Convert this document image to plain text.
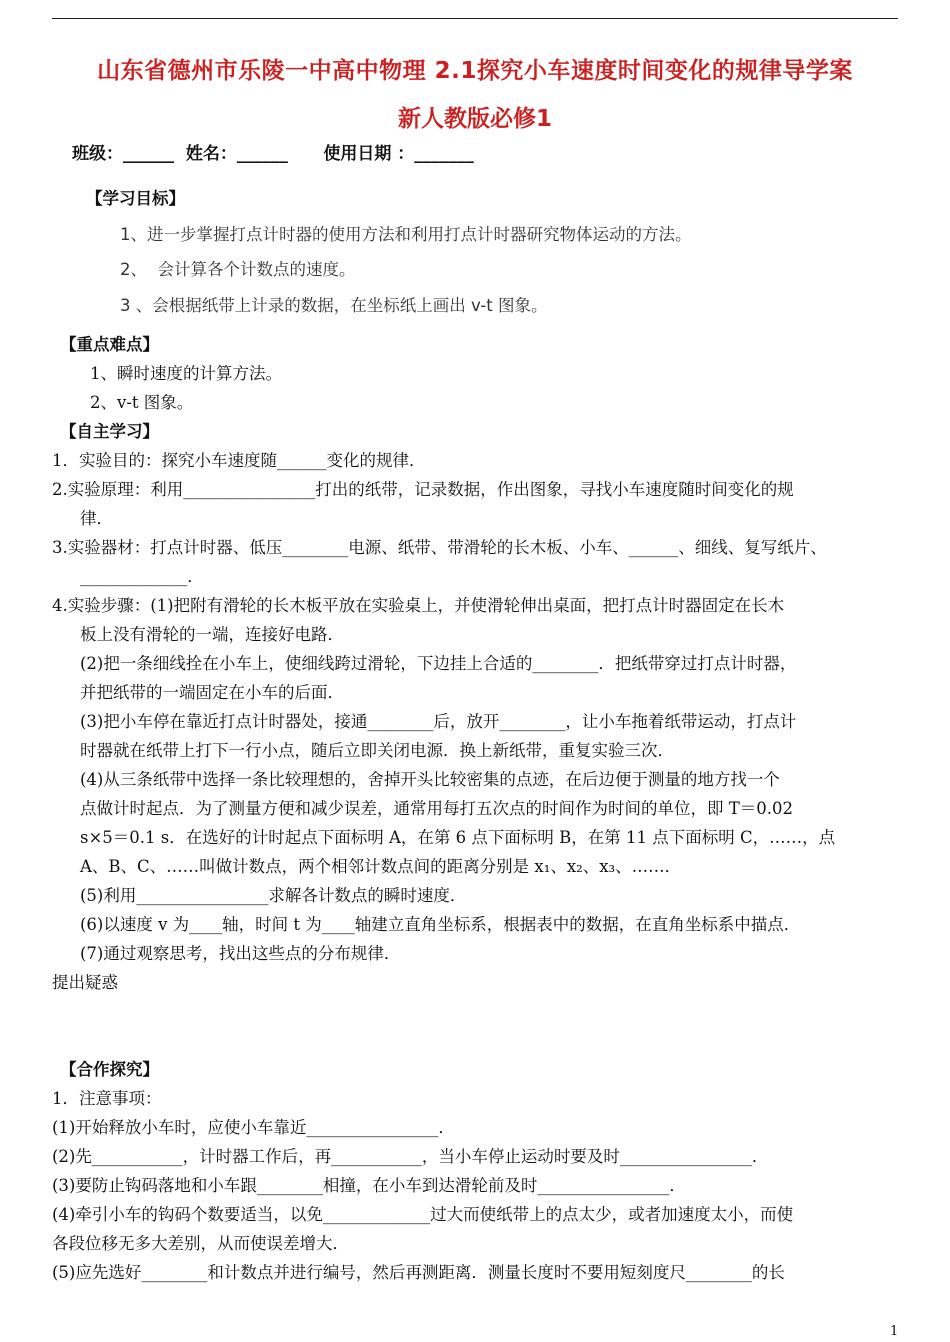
山东省德州市乐陵一中高中物理 2.1探究小车速度时间变化的规律导学案
新人教版必修1
班级：______  姓名：______      使用日期 ：_______
【学习目标】
1、进一步掌握打点计时器的使用方法和利用打点计时器研究物体运动的方法。
2、  会计算各个计数点的速度。
3 、会根据纸带上计录的数据，在坐标纸上画出 v-t 图象。
【重点难点】
1、瞬时速度的计算方法。
2、v-t 图象。
【自主学习】
1．实验目的：探究小车速度随______变化的规律．
2.实验原理：利用________________打出的纸带，记录数据，作出图象，寻找小车速度随时间变化的规
律．
3.实验器材：打点计时器、低压________电源、纸带、带滑轮的长木板、小车、______、细线、复写纸片、
_____________．
4.实验步骤：(1)把附有滑轮的长木板平放在实验桌上，并使滑轮伸出桌面，把打点计时器固定在长木
板上没有滑轮的一端，连接好电路．
(2)把一条细线拴在小车上，使细线跨过滑轮，下边挂上合适的________．把纸带穿过打点计时器，
并把纸带的一端固定在小车的后面．
(3)把小车停在靠近打点计时器处，接通________后，放开________，让小车拖着纸带运动，打点计
时器就在纸带上打下一行小点，随后立即关闭电源．换上新纸带，重复实验三次．
(4)从三条纸带中选择一条比较理想的，舍掉开头比较密集的点迹，在后边便于测量的地方找一个
点做计时起点．为了测量方便和减少误差，通常用每打五次点的时间作为时间的单位，即 T＝0.02
s×5＝0.1 s．在选好的计时起点下面标明 A，在第 6 点下面标明 B，在第 11 点下面标明 C，……，点
A、B、C、……叫做计数点，两个相邻计数点间的距离分别是 x₁、x₂、x₃、……．
(5)利用________________求解各计数点的瞬时速度．
(6)以速度 v 为____轴，时间 t 为____轴建立直角坐标系，根据表中的数据，在直角坐标系中描点．
(7)通过观察思考，找出这些点的分布规律．
提出疑惑
【合作探究】
1．注意事项：
(1)开始释放小车时，应使小车靠近________________．
(2)先___________，计时器工作后，再___________，当小车停止运动时要及时________________．
(3)要防止钩码落地和小车跟________相撞，在小车到达滑轮前及时________________．
(4)牵引小车的钩码个数要适当，以免_____________过大而使纸带上的点太少，或者加速度太小，而使
各段位移无多大差别，从而使误差增大．
(5)应先选好________和计数点并进行编号，然后再测距离．测量长度时不要用短刻度尺________的长
1
